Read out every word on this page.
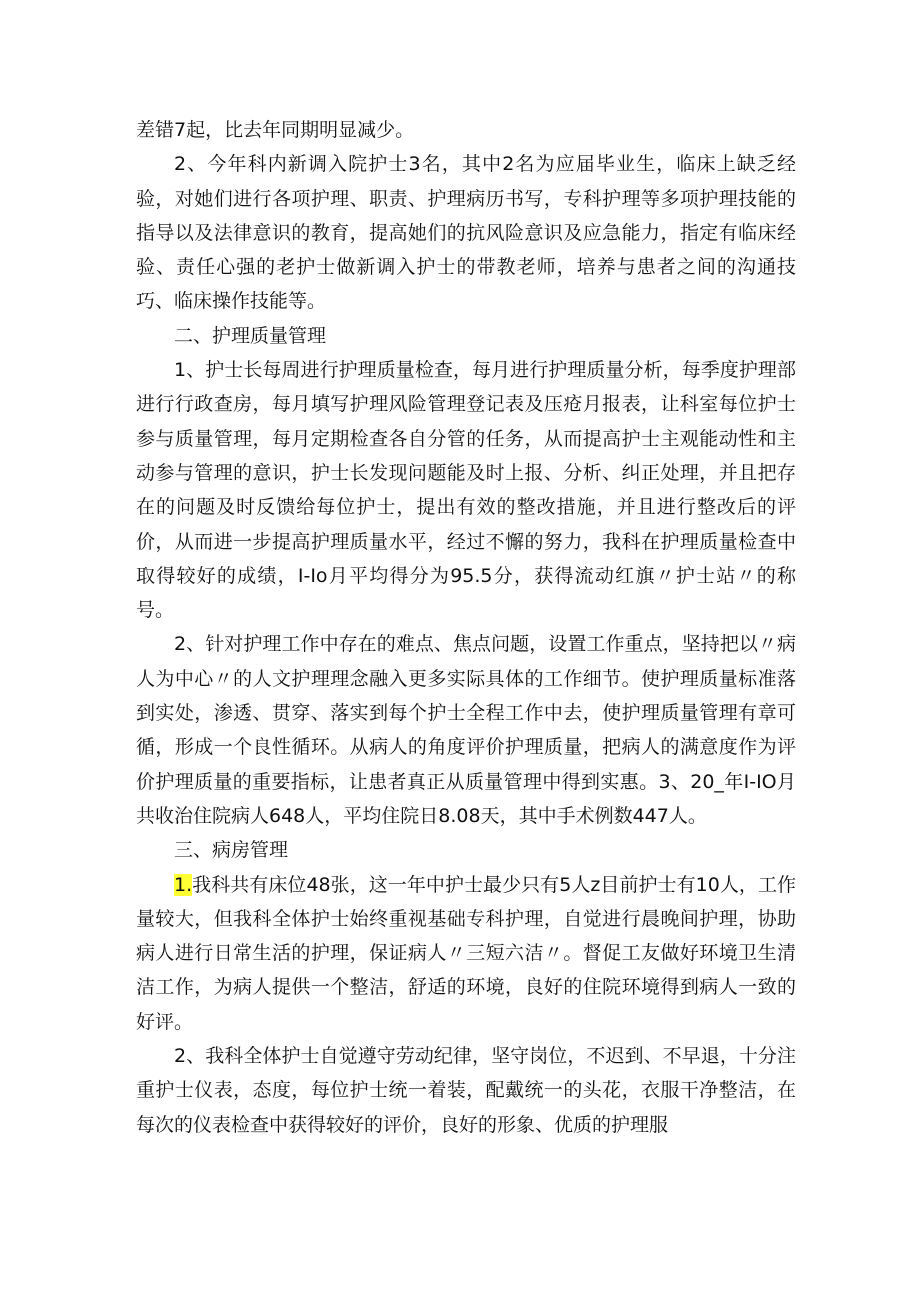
差错7起，比去年同期明显减少。

2、今年科内新调入院护士3名，其中2名为应届毕业生，临床上缺乏经验，对她们进行各项护理、职责、护理病历书写，专科护理等多项护理技能的指导以及法律意识的教育，提高她们的抗风险意识及应急能力，指定有临床经验、责任心强的老护士做新调入护士的带教老师，培养与患者之间的沟通技巧、临床操作技能等。

二、护理质量管理

1、护士长每周进行护理质量检查，每月进行护理质量分析，每季度护理部进行行政查房，每月填写护理风险管理登记表及压疮月报表，让科室每位护士参与质量管理，每月定期检查各自分管的任务，从而提高护士主观能动性和主动参与管理的意识，护士长发现问题能及时上报、分析、纠正处理，并且把存在的问题及时反馈给每位护士，提出有效的整改措施，并且进行整改后的评价，从而进一步提高护理质量水平，经过不懈的努力，我科在护理质量检查中取得较好的成绩，I-Io月平均得分为95.5分，获得流动红旗〃护士站〃的称号。

2、针对护理工作中存在的难点、焦点问题，设置工作重点，坚持把以〃病人为中心〃的人文护理理念融入更多实际具体的工作细节。使护理质量标准落到实处，渗透、贯穿、落实到每个护士全程工作中去，使护理质量管理有章可循，形成一个良性循环。从病人的角度评价护理质量，把病人的满意度作为评价护理质量的重要指标，让患者真正从质量管理中得到实惠。3、20_年I-IO月共收治住院病人648人，平均住院日8.08天，其中手术例数447人。

三、病房管理

1.我科共有床位48张，这一年中护士最少只有5人z目前护士有10人，工作量较大，但我科全体护士始终重视基础专科护理，自觉进行晨晚间护理，协助病人进行日常生活的护理，保证病人〃三短六洁〃。督促工友做好环境卫生清洁工作，为病人提供一个整洁，舒适的环境，良好的住院环境得到病人一致的好评。

2、我科全体护士自觉遵守劳动纪律，坚守岗位，不迟到、不早退，十分注重护士仪表，态度，每位护士统一着装，配戴统一的头花，衣服干净整洁，在每次的仪表检查中获得较好的评价，良好的形象、优质的护理服
